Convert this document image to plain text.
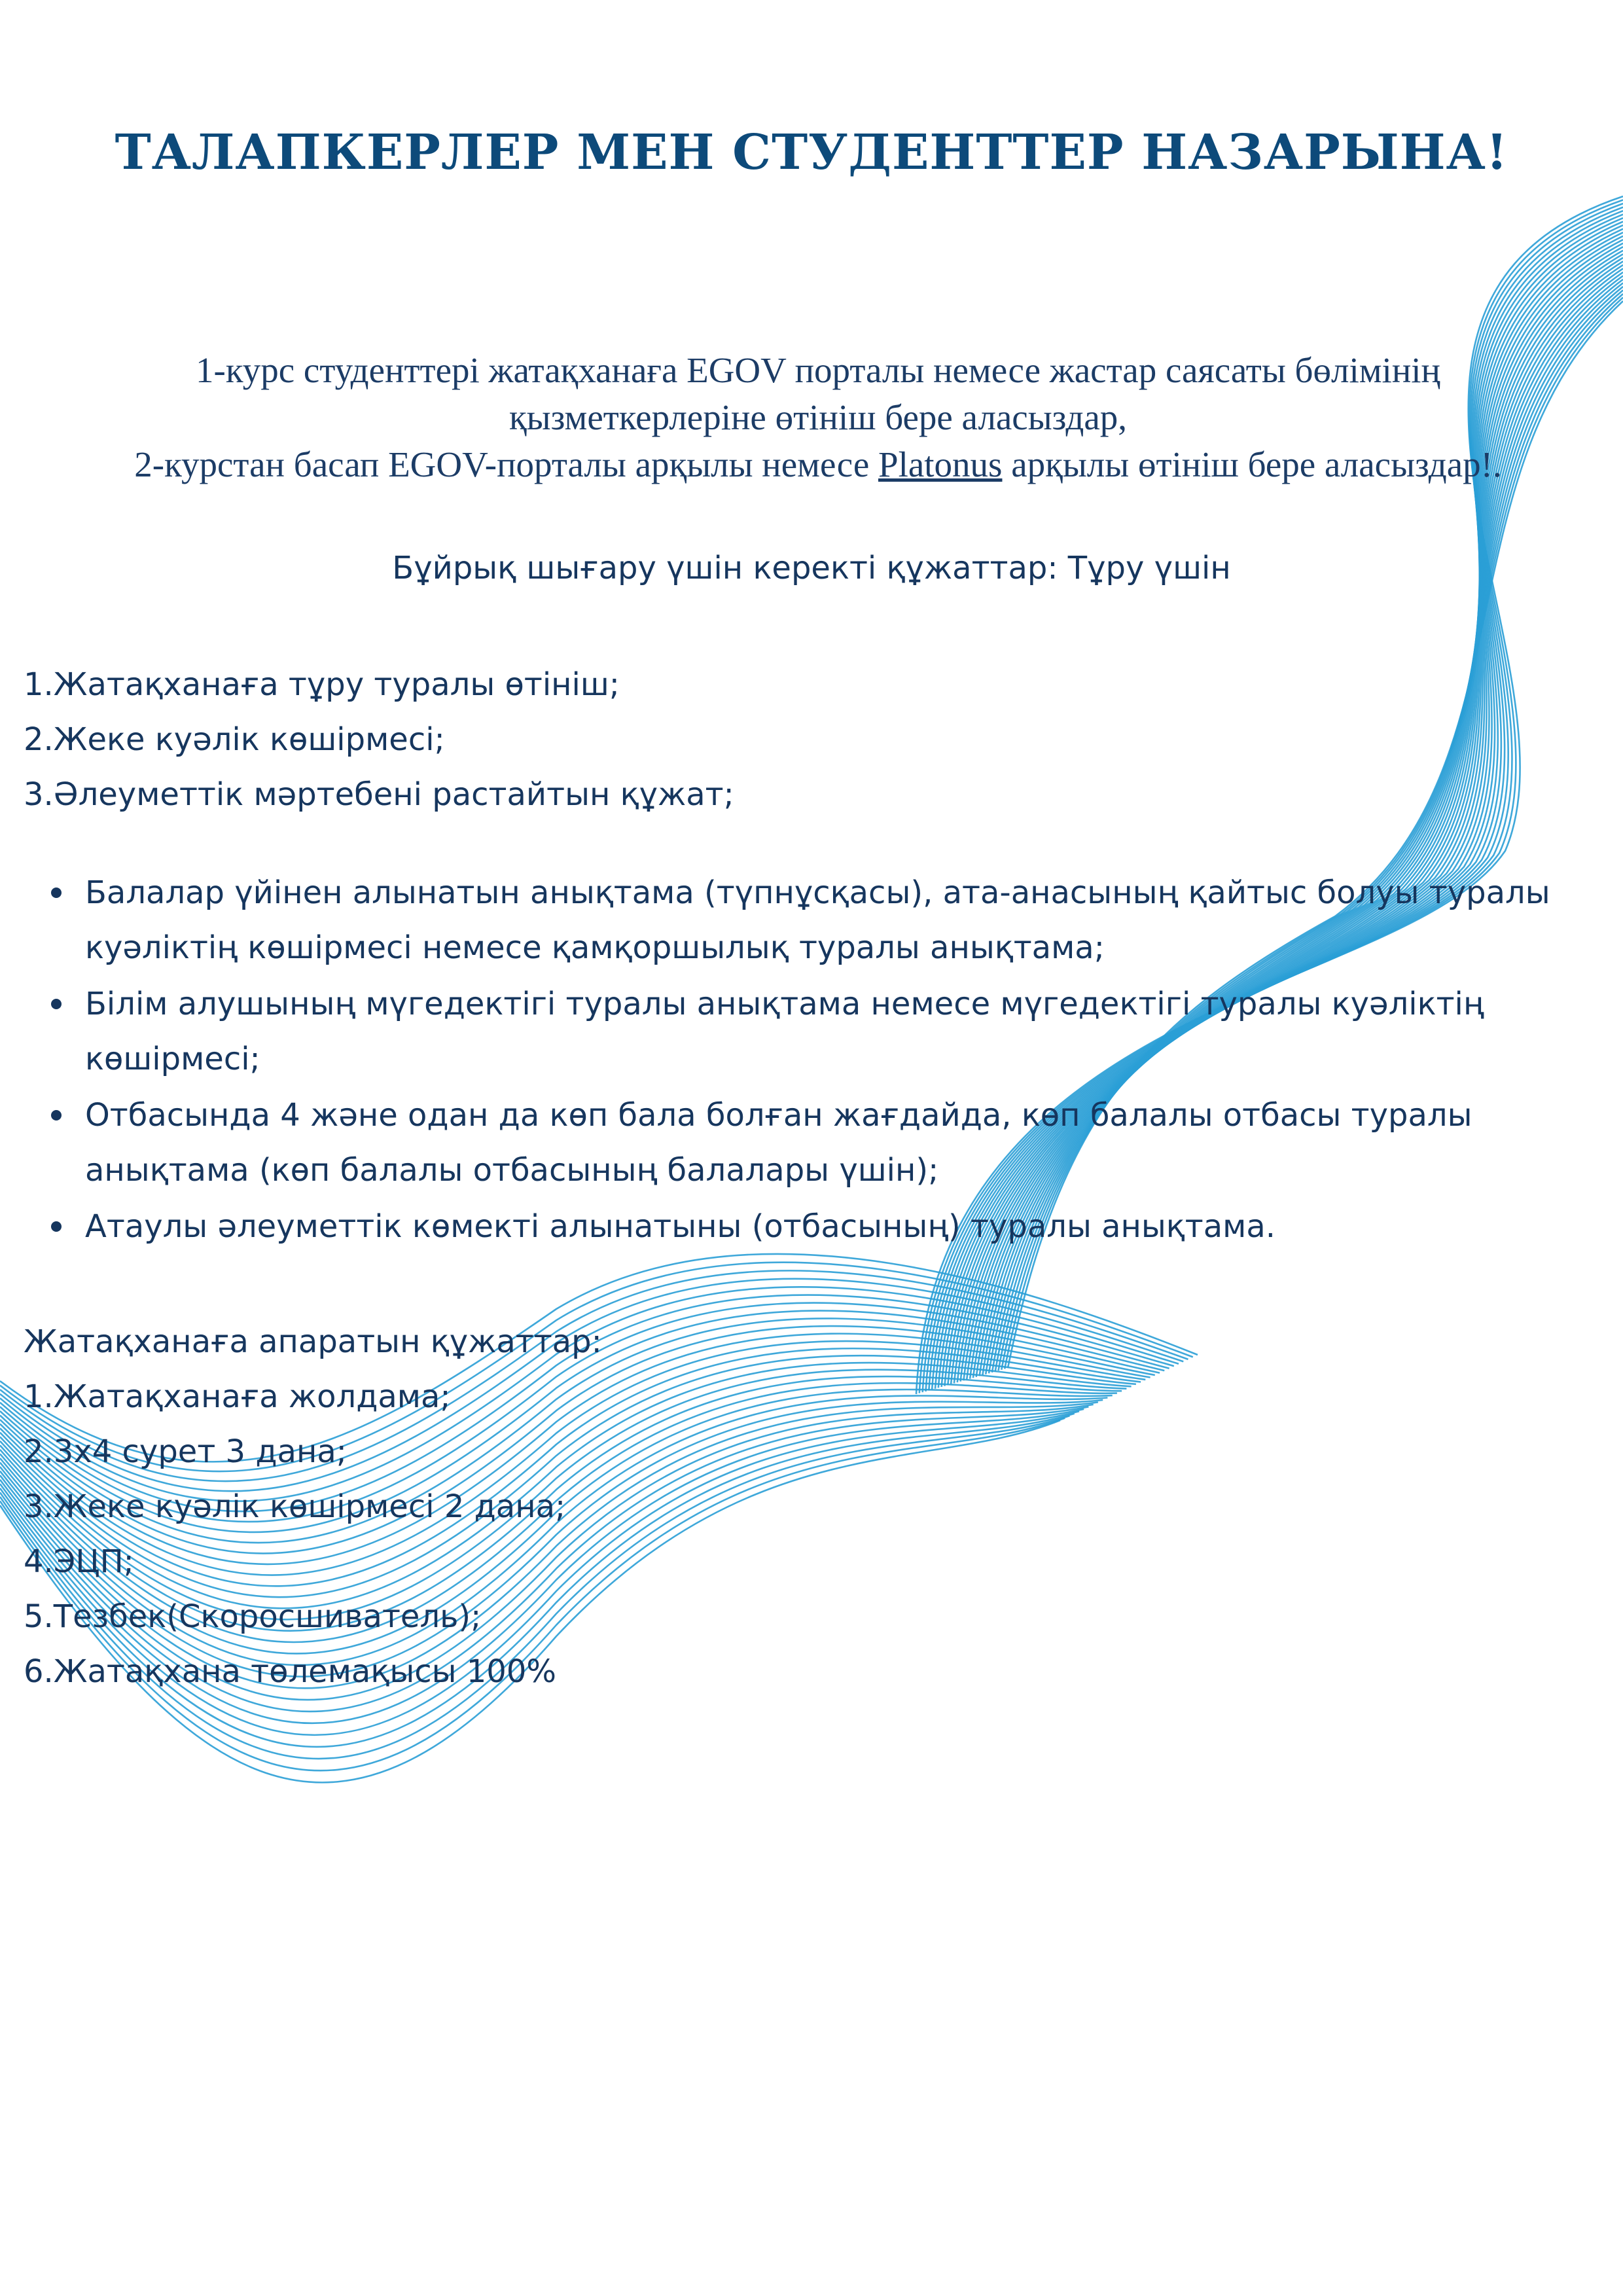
ТАЛАПКЕРЛЕР МЕН СТУДЕНТТЕР НАЗАРЫНА!

1-курс студенттері жатақханаға EGOV порталы немесе жастар саясаты бөлімінің

қызметкерлеріне өтініш бере аласыздар,

2-курстан басап EGOV-порталы арқылы немесе Platonus арқылы өтініш бере аласыздар!.

Бұйрық шығару үшін керекті құжаттар: Тұру үшін
1.Жатақханаға тұру туралы өтініш;
2.Жеке куәлік көшірмесі;
3.Әлеуметтік мәртебені растайтын құжат;
Балалар үйінен алынатын анықтама (түпнұсқасы), ата-анасының қайтыс болуы туралы куәліктің көшірмесі немесе қамқоршылық туралы анықтама;
Білім алушының мүгедектігі туралы анықтама немесе мүгедектігі туралы куәліктің көшірмесі;
Отбасында 4 және одан да көп бала болған жағдайда, көп балалы отбасы туралы анықтама (көп балалы отбасының балалары үшін);
Атаулы әлеуметтік көмекті алынатыны (отбасының) туралы анықтама.
Жатақханаға апаратын құжаттар:
1.Жатақханаға жолдама;
2.3х4 сурет 3 дана;
3.Жеке куәлік көшірмесі 2 дана;
4.ЭЦП;
5.Тезбек(Скоросшиватель);
6.Жатақхана төлемақысы 100%
